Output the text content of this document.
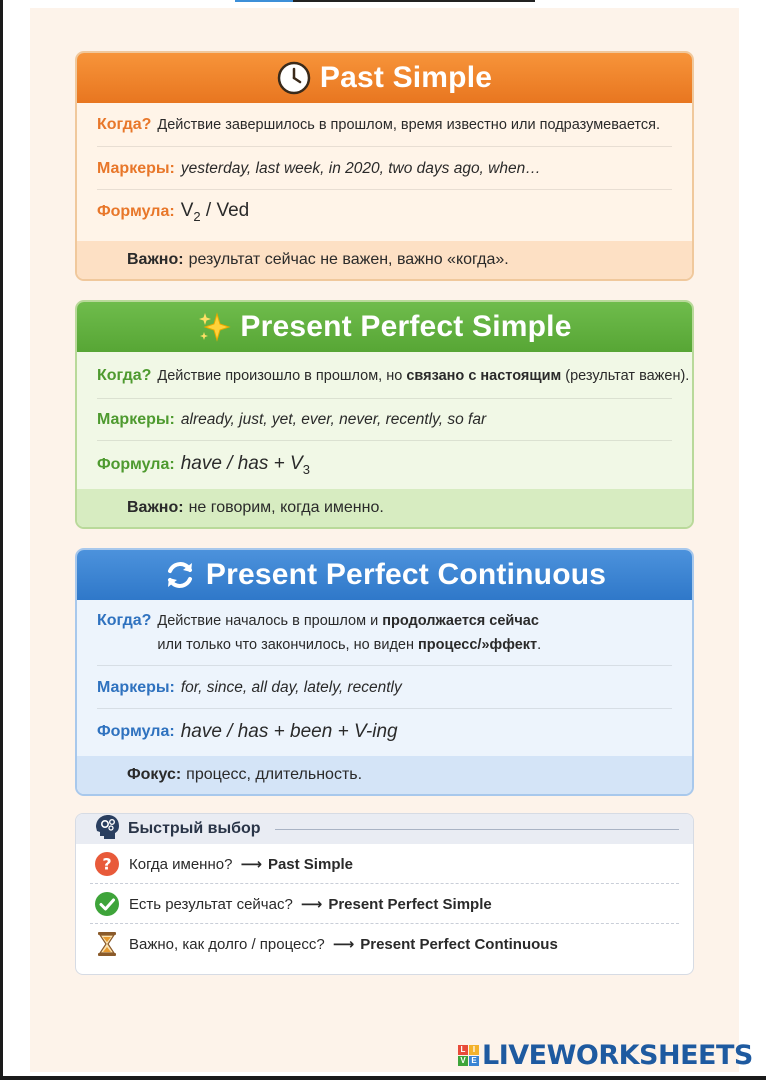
Past Simple
Когда? Действие завершилось в прошлом, время известно или подразумевается.
Маркеры: yesterday, last week, in 2020, two days ago, when…
Формула: $V_2$ / Ved
Важно: результат сейчас не важен, важно «когда».
Present Perfect Simple
Когда? Действие произошло в прошлом, но связано с настоящим (результат важен).
Маркеры: already, just, yet, ever, never, recently, so far
Формула: have / has + $V_3$
Важно: не говорим, когда именно.
Present Perfect Continuous
Когда? Действие началось в прошлом и продолжается сейчас
или только что закончилось, но виден процесс/»ффект.
Маркеры: for, since, all day, lately, recently
Формула: have / has + been + V-ing
Фокус: процесс, длительность.
Быстрый выбор
? Когда именно? ⟶ Past Simple
Есть результат сейчас? ⟶ Present Perfect Simple
Важно, как долго / процесс? ⟶ Present Perfect Continuous
L I
V E LIVEWORKSHEETS
